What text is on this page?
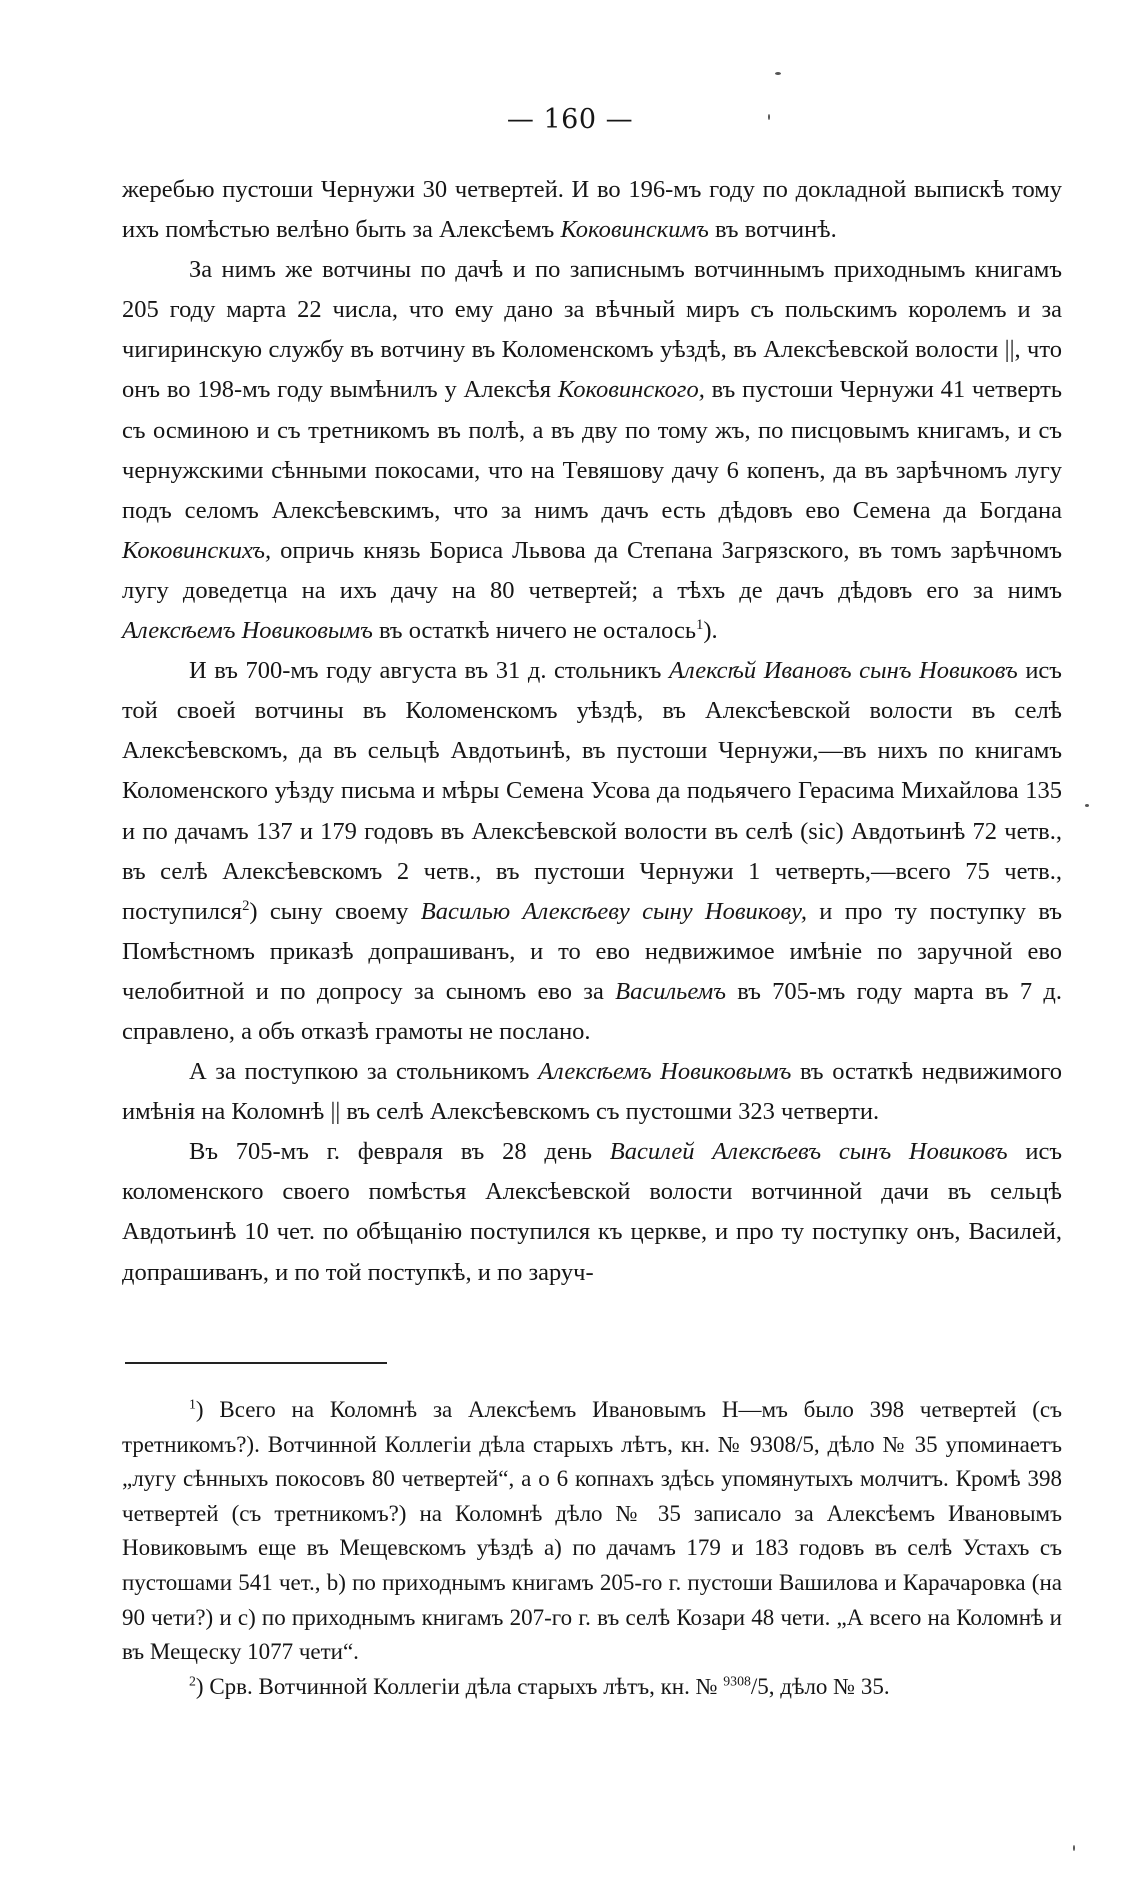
— 160 —

жеребью пустоши Чернужи 30 четвертей. И во 196-мъ году по докладной выпискѣ тому ихъ помѣстью велѣно быть за Алексѣемъ Коковинскимъ въ вотчинѣ.

За нимъ же вотчины по дачѣ и по записнымъ вотчиннымъ приходнымъ книгамъ 205 году марта 22 числа, что ему дано за вѣчный миръ съ польскимъ королемъ и за чигиринскую службу въ вотчину въ Коломенскомъ уѣздѣ, въ Алексѣевской волости ||, что онъ во 198-мъ году вымѣнилъ у Алексѣя Коковинского, въ пустоши Чернужи 41 четверть съ осминою и съ третникомъ въ полѣ, а въ дву по тому жъ, по писцовымъ книгамъ, и съ чернужскими сѣнными покосами, что на Тевяшову дачу 6 копенъ, да въ зарѣчномъ лугу подъ селомъ Алексѣевскимъ, что за нимъ дачъ есть дѣдовъ ево Семена да Богдана Коковинскихъ, опричь князь Бориса Львова да Степана Загрязского, въ томъ зарѣчномъ лугу доведетца на ихъ дачу на 80 четвертей; а тѣхъ де дачъ дѣдовъ его за нимъ Алексѣемъ Новиковымъ въ остаткѣ ничего не осталось$^1$).

И въ 700-мъ году августа въ 31 д. стольникъ Алексѣй Ивановъ сынъ Новиковъ исъ той своей вотчины въ Коломенскомъ уѣздѣ, въ Алексѣевской волости въ селѣ Алексѣевскомъ, да въ сельцѣ Авдотьинѣ, въ пустоши Чернужи,—въ нихъ по книгамъ Коломенского уѣзду письма и мѣры Семена Усова да подьячего Герасима Михайлова 135 и по дачамъ 137 и 179 годовъ въ Алексѣевской волости въ селѣ (sic) Авдотьинѣ 72 четв., въ селѣ Алексѣевскомъ 2 четв., въ пустоши Чернужи 1 четверть,—всего 75 четв., поступился$^2$) сыну своему Василью Алексѣеву сыну Новикову, и про ту поступку въ Помѣстномъ приказѣ допрашиванъ, и то ево недвижимое имѣніе по заручной ево челобитной и по допросу за сыномъ ево за Васильемъ въ 705-мъ году марта въ 7 д. справлено, а объ отказѣ грамоты не послано.

А за поступкою за стольникомъ Алексѣемъ Новиковымъ въ остаткѣ недвижимого имѣнія на Коломнѣ || въ селѣ Алексѣевскомъ съ пустошми 323 четверти.

Въ 705-мъ г. февраля въ 28 день Василей Алексѣевъ сынъ Новиковъ исъ коломенского своего помѣстья Алексѣевской волости вотчинной дачи въ сельцѣ Авдотьинѣ 10 чет. по обѣщанію поступился къ церкве, и про ту поступку онъ, Василей, допрашиванъ, и по той поступкѣ, и по заруч-

$^1$) Всего на Коломнѣ за Алексѣемъ Ивановымъ Н—мъ было 398 четвертей (съ третникомъ?). Вотчинной Коллегіи дѣла старыхъ лѣтъ, кн. № 9308/5, дѣло № 35 упоминаетъ „лугу сѣнныхъ покосовъ 80 четвертей“, а о 6 копнахъ здѣсь упомянутыхъ молчитъ. Кромѣ 398 четвертей (съ третникомъ?) на Коломнѣ дѣло № 35 записало за Алексѣемъ Ивановымъ Новиковымъ еще въ Мещевскомъ уѣздѣ a) по дачамъ 179 и 183 годовъ въ селѣ Устахъ съ пустошами 541 чет., b) по приходнымъ книгамъ 205-го г. пустоши Вашилова и Карачаровка (на 90 чети?) и c) по приходнымъ книгамъ 207-го г. въ селѣ Козари 48 чети. „А всего на Коломнѣ и въ Мещеску 1077 чети“.

$^2$) Срв. Вотчинной Коллегіи дѣла старыхъ лѣтъ, кн. № $^{9308}$/5, дѣло № 35.
